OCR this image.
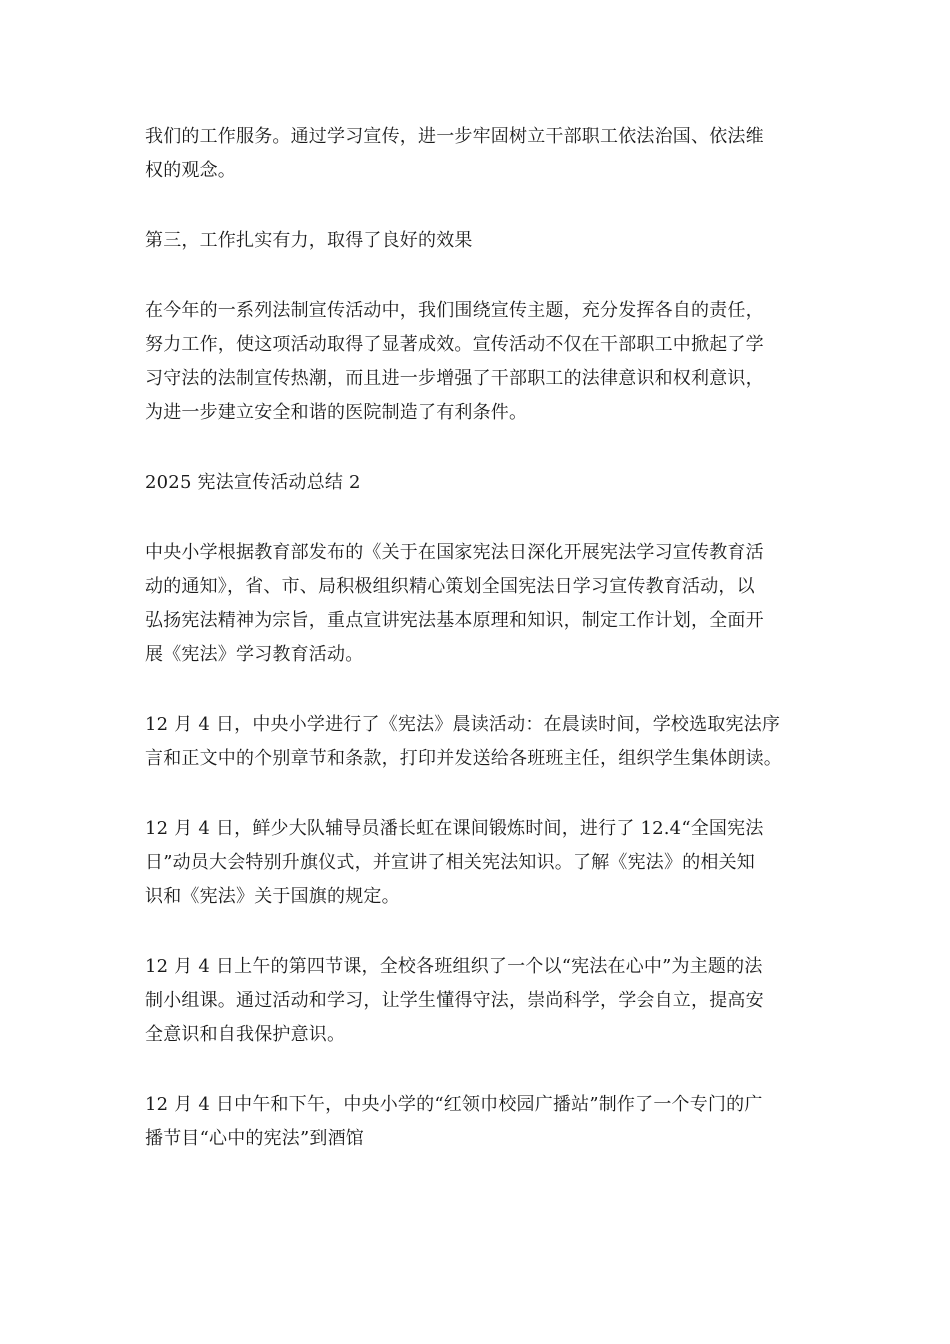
我们的工作服务。通过学习宣传，进一步牢固树立干部职工依法治国、依法维
权的观念。

第三，工作扎实有力，取得了良好的效果

在今年的一系列法制宣传活动中，我们围绕宣传主题，充分发挥各自的责任，
努力工作，使这项活动取得了显著成效。宣传活动不仅在干部职工中掀起了学
习守法的法制宣传热潮，而且进一步增强了干部职工的法律意识和权利意识，
为进一步建立安全和谐的医院制造了有利条件。

2025 宪法宣传活动总结 2

中央小学根据教育部发布的《关于在国家宪法日深化开展宪法学习宣传教育活
动的通知》，省、市、局积极组织精心策划全国宪法日学习宣传教育活动，以
弘扬宪法精神为宗旨，重点宣讲宪法基本原理和知识，制定工作计划，全面开
展《宪法》学习教育活动。

12 月 4 日，中央小学进行了《宪法》晨读活动：在晨读时间，学校选取宪法序
言和正文中的个别章节和条款，打印并发送给各班班主任，组织学生集体朗读。

12 月 4 日，鲜少大队辅导员潘长虹在课间锻炼时间，进行了 12.4“全国宪法
日”动员大会特别升旗仪式，并宣讲了相关宪法知识。了解《宪法》的相关知
识和《宪法》关于国旗的规定。

12 月 4 日上午的第四节课，全校各班组织了一个以“宪法在心中”为主题的法
制小组课。通过活动和学习，让学生懂得守法，崇尚科学，学会自立，提高安
全意识和自我保护意识。

12 月 4 日中午和下午，中央小学的“红领巾校园广播站”制作了一个专门的广
播节目“心中的宪法”到酒馆
